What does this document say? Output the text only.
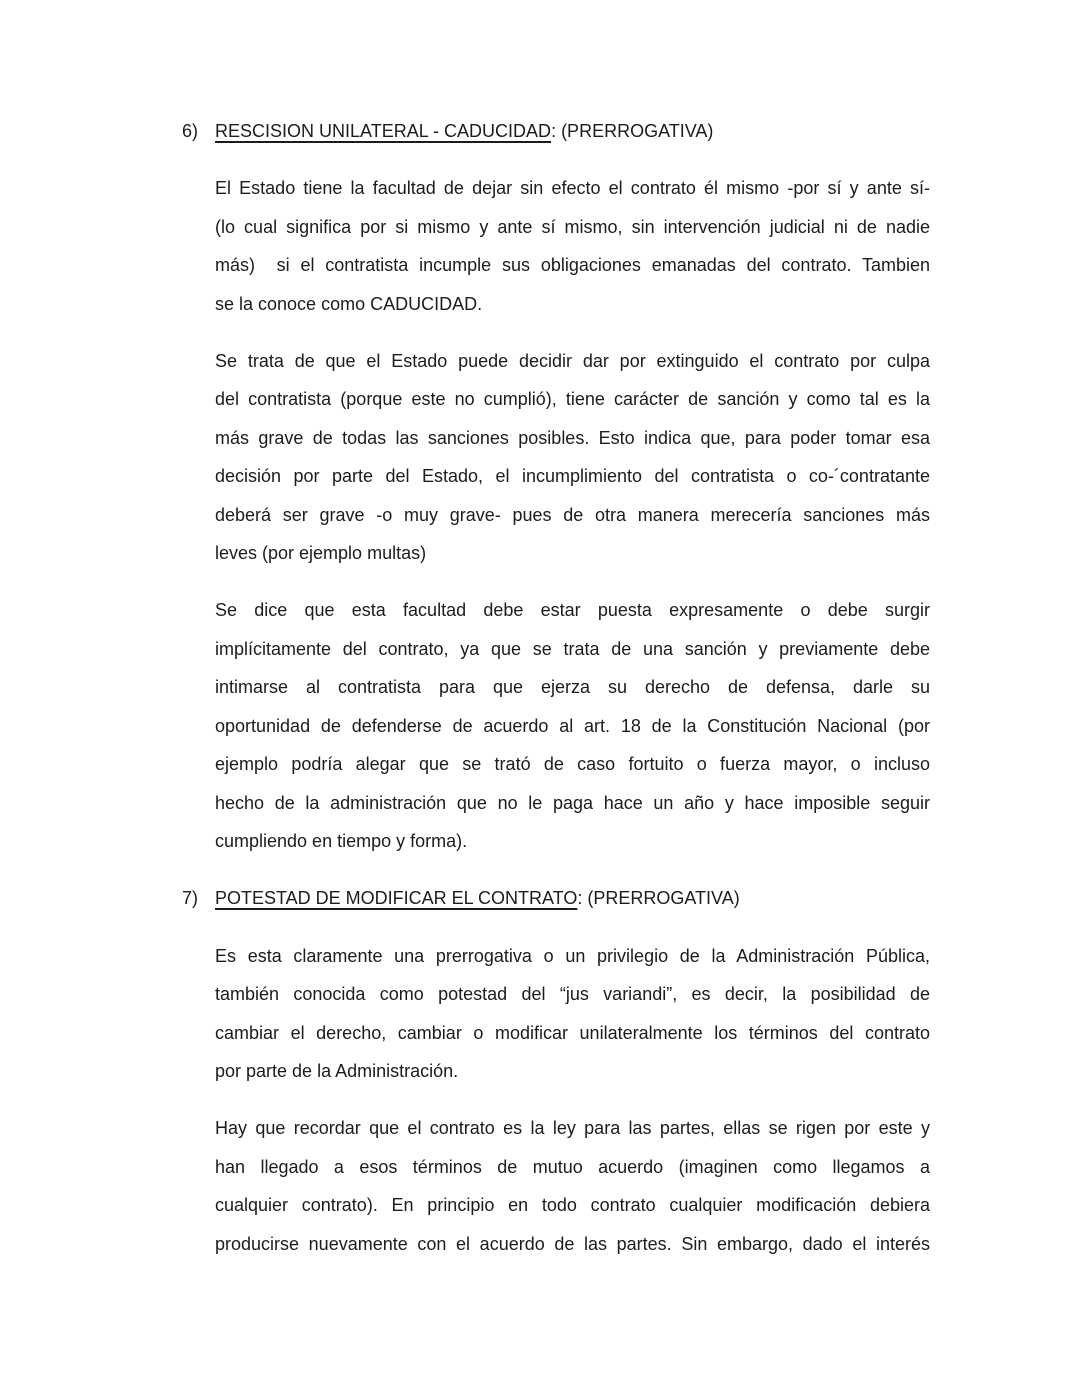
6) RESCISION UNILATERAL - CADUCIDAD: (PRERROGATIVA)
El Estado tiene la facultad de dejar sin efecto el contrato él mismo -por sí y ante sí-
(lo cual significa por si mismo y ante sí mismo, sin intervención judicial ni de nadie
más)  si el contratista incumple sus obligaciones emanadas del contrato. Tambien
se la conoce como CADUCIDAD.
Se trata de que el Estado puede decidir dar por extinguido el contrato por culpa
del contratista (porque este no cumplió), tiene carácter de sanción y como tal es la
más grave de todas las sanciones posibles. Esto indica que, para poder tomar esa
decisión por parte del Estado, el incumplimiento del contratista o co-´contratante
deberá ser grave -o muy grave- pues de otra manera merecería sanciones más
leves (por ejemplo multas)
Se dice que esta facultad debe estar puesta expresamente o debe surgir
implícitamente del contrato, ya que se trata de una sanción y previamente debe
intimarse al contratista para que ejerza su derecho de defensa, darle su
oportunidad de defenderse de acuerdo al art. 18 de la Constitución Nacional (por
ejemplo podría alegar que se trató de caso fortuito o fuerza mayor, o incluso
hecho de la administración que no le paga hace un año y hace imposible seguir
cumpliendo en tiempo y forma).
7) POTESTAD DE MODIFICAR EL CONTRATO: (PRERROGATIVA)
Es esta claramente una prerrogativa o un privilegio de la Administración Pública,
también conocida como potestad del “jus variandi”, es decir, la posibilidad de
cambiar el derecho, cambiar o modificar unilateralmente los términos del contrato
por parte de la Administración.
Hay que recordar que el contrato es la ley para las partes, ellas se rigen por este y
han llegado a esos términos de mutuo acuerdo (imaginen como llegamos a
cualquier contrato). En principio en todo contrato cualquier modificación debiera
producirse nuevamente con el acuerdo de las partes. Sin embargo, dado el interés
